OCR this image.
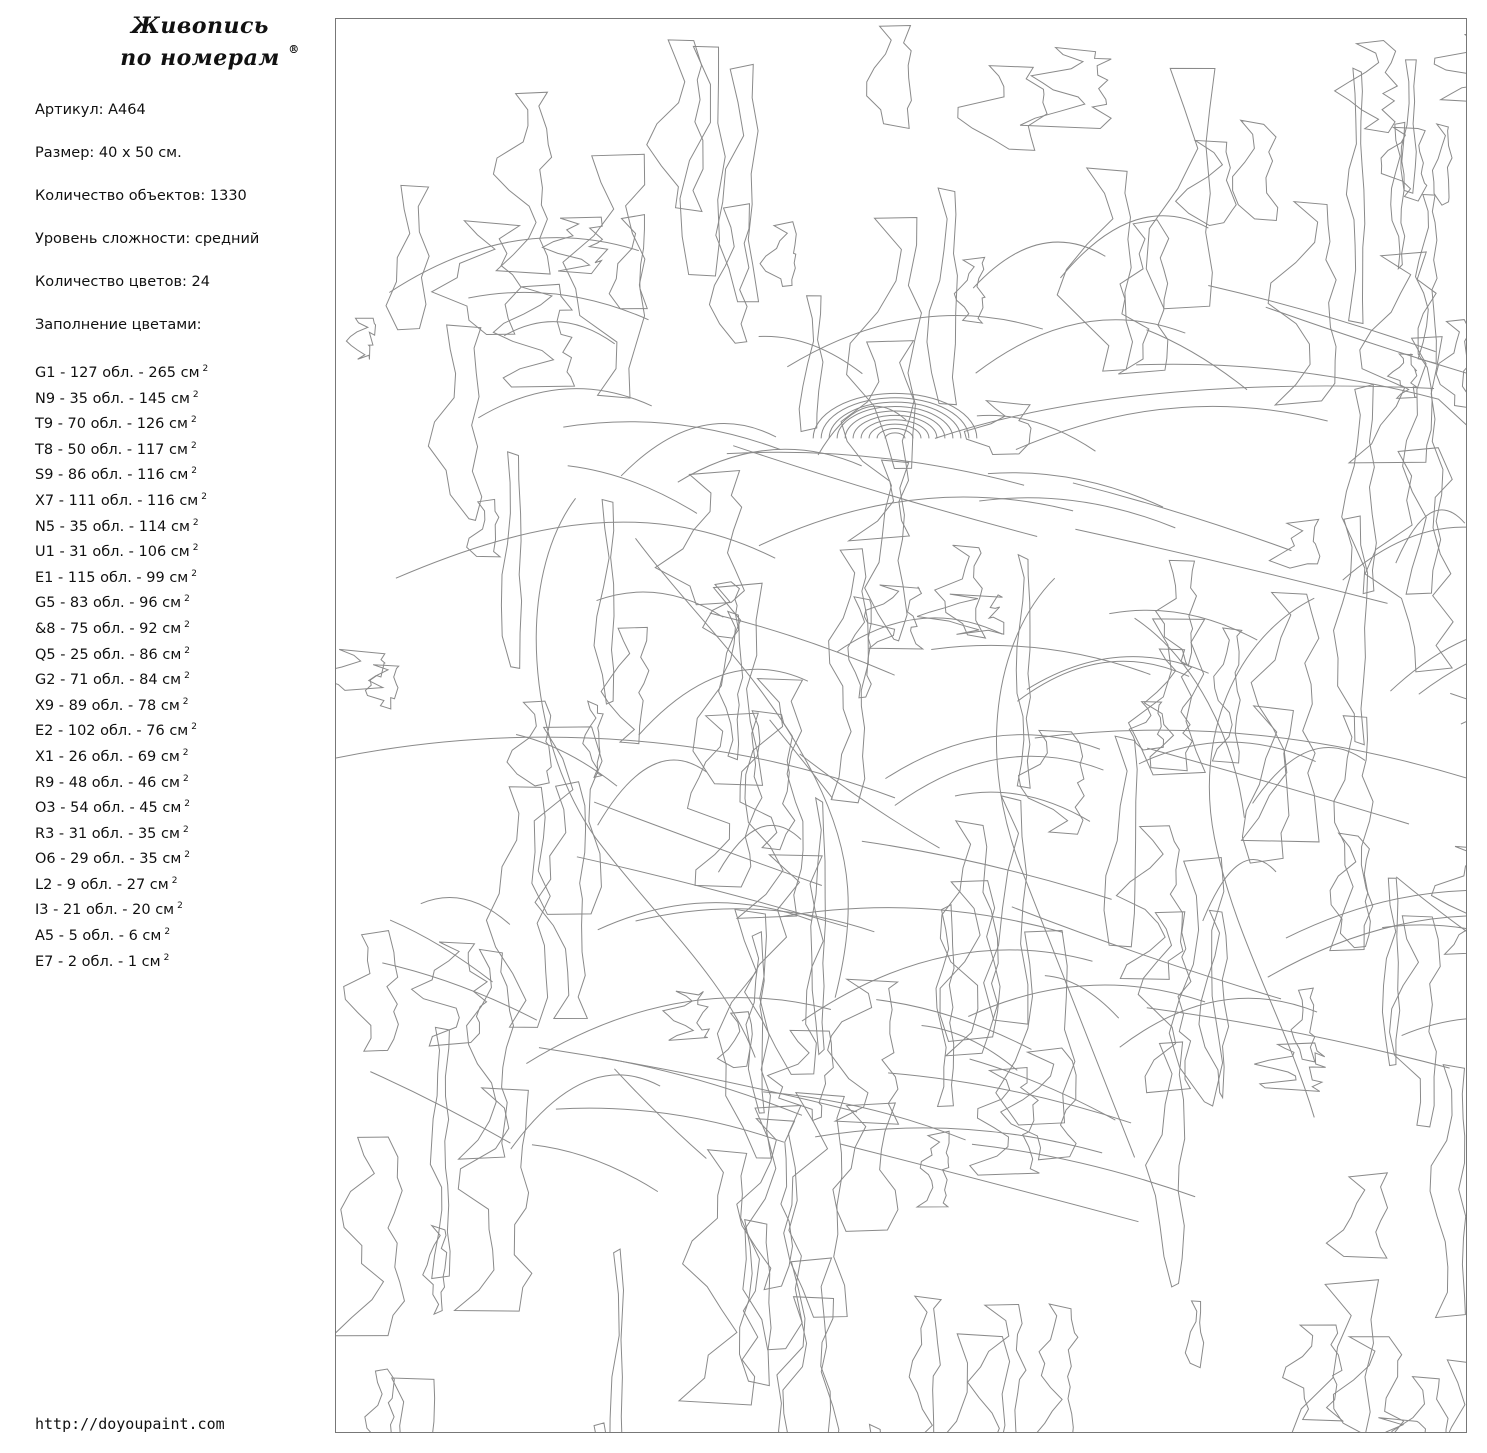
Живопись
по номерам ®

Артикул: A464

Размер: 40 х 50 см.

Количество объектов: 1330

Уровень сложности: средний

Количество цветов: 24

Заполнение цветами:

G1 - 127 обл. - 265 см $^2$
N9 - 35 обл. - 145 см $^2$
T9 - 70 обл. - 126 см $^2$
T8 - 50 обл. - 117 см $^2$
S9 - 86 обл. - 116 см $^2$
X7 - 111 обл. - 116 см $^2$
N5 - 35 обл. - 114 см $^2$
U1 - 31 обл. - 106 см $^2$
E1 - 115 обл. - 99 см $^2$
G5 - 83 обл. - 96 см $^2$
&8 - 75 обл. - 92 см $^2$
Q5 - 25 обл. - 86 см $^2$
G2 - 71 обл. - 84 см $^2$
X9 - 89 обл. - 78 см $^2$
E2 - 102 обл. - 76 см $^2$
X1 - 26 обл. - 69 см $^2$
R9 - 48 обл. - 46 см $^2$
O3 - 54 обл. - 45 см $^2$
R3 - 31 обл. - 35 см $^2$
O6 - 29 обл. - 35 см $^2$
L2 - 9 обл. - 27 см $^2$
I3 - 21 обл. - 20 см $^2$
A5 - 5 обл. - 6 см $^2$
E7 - 2 обл. - 1 см $^2$
http://doyoupaint.com
